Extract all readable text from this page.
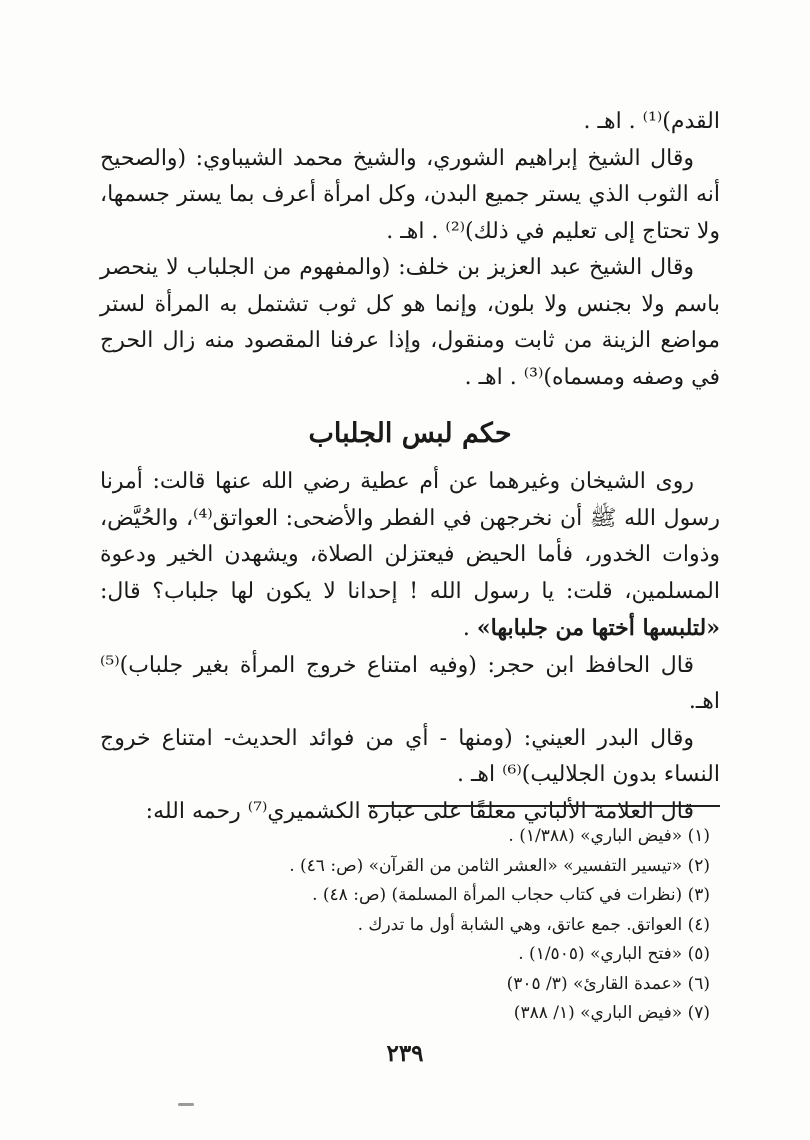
القدم)⁽¹⁾ . اهـ .

وقال الشيخ إبراهيم الشوري، والشيخ محمد الشيباوي: (والصحيح أنه الثوب الذي يستر جميع البدن، وكل امرأة أعرف بما يستر جسمها، ولا تحتاج إلى تعليم في ذلك)⁽²⁾ . اهـ .

وقال الشيخ عبد العزيز بن خلف: (والمفهوم من الجلباب لا ينحصر باسم ولا بجنس ولا بلون، وإنما هو كل ثوب تشتمل به المرأة لستر مواضع الزينة من ثابت ومنقول، وإذا عرفنا المقصود منه زال الحرج في وصفه ومسماه)⁽³⁾ . اهـ .

حكم لبس الجلباب

روى الشيخان وغيرهما عن أم عطية رضي الله عنها قالت: أمرنا رسول الله ﷺ أن نخرجهن في الفطر والأضحى: العواتق⁽⁴⁾، والحُيَّض، وذوات الخدور، فأما الحيض فيعتزلن الصلاة، ويشهدن الخير ودعوة المسلمين، قلت: يا رسول الله ! إحدانا لا يكون لها جلباب؟ قال: «لتلبسها أختها من جلبابها» .

قال الحافظ ابن حجر: (وفيه امتناع خروج المرأة بغير جلباب)⁽⁵⁾ اهـ.

وقال البدر العيني: (ومنها - أي من فوائد الحديث- امتناع خروج النساء بدون الجلاليب)⁽⁶⁾ اهـ .

قال العلامة الألباني معلقًا على عبارة الكشميري⁽⁷⁾ رحمه الله:

(١) «فيض الباري» (١/٣٨٨) .
(٢) «تيسير التفسير» «العشر الثامن من القرآن» (ص: ٤٦) .
(٣) (نظرات في كتاب حجاب المرأة المسلمة) (ص: ٤٨) .
(٤) العواتق. جمع عاتق، وهي الشابة أول ما تدرك .
(٥) «فتح الباري» (١/٥٠٥) .
(٦) «عمدة القارئ» (٣/ ٣٠٥)
(٧) «فيض الباري» (١/ ٣٨٨)
٢٣٩
